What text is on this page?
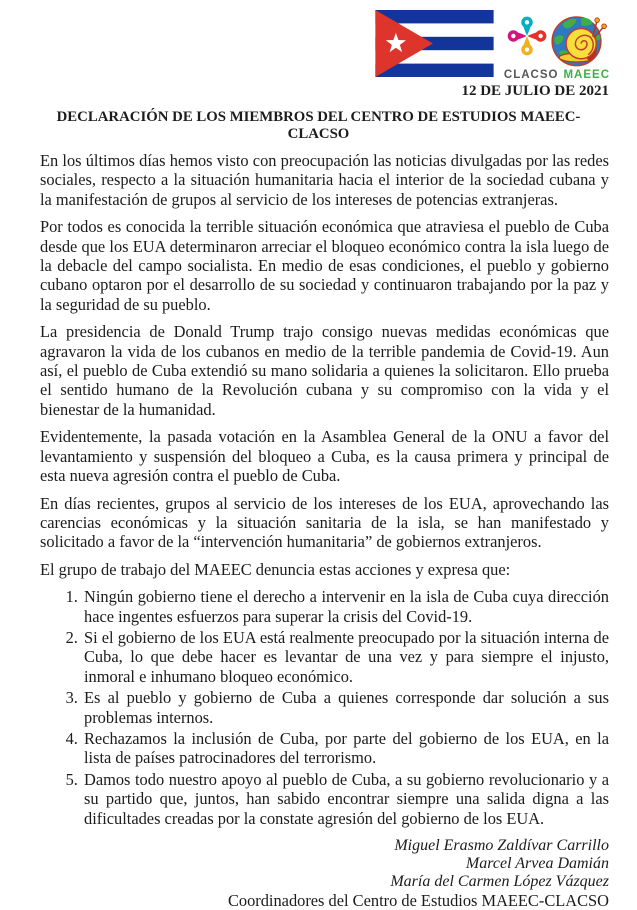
CLACSO MAEEC
12 DE JULIO DE 2021
DECLARACIÓN DE LOS MIEMBROS DEL CENTRO DE ESTUDIOS MAEEC-CLACSO

En los últimos días hemos visto con preocupación las noticias divulgadas por las redes sociales, respecto a la situación humanitaria hacia el interior de la sociedad cubana y la manifestación de grupos al servicio de los intereses de potencias extranjeras.

Por todos es conocida la terrible situación económica que atraviesa el pueblo de Cuba desde que los EUA determinaron arreciar el bloqueo económico contra la isla luego de la debacle del campo socialista. En medio de esas condiciones, el pueblo y gobierno cubano optaron por el desarrollo de su sociedad y continuaron trabajando por la paz y la seguridad de su pueblo.

La presidencia de Donald Trump trajo consigo nuevas medidas económicas que agravaron la vida de los cubanos en medio de la terrible pandemia de Covid-19. Aun así, el pueblo de Cuba extendió su mano solidaria a quienes la solicitaron. Ello prueba el sentido humano de la Revolución cubana y su compromiso con la vida y el bienestar de la humanidad.

Evidentemente, la pasada votación en la Asamblea General de la ONU a favor del levantamiento y suspensión del bloqueo a Cuba, es la causa primera y principal de esta nueva agresión contra el pueblo de Cuba.

En días recientes, grupos al servicio de los intereses de los EUA, aprovechando las carencias económicas y la situación sanitaria de la isla, se han manifestado y solicitado a favor de la “intervención humanitaria” de gobiernos extranjeros.

El grupo de trabajo del MAEEC denuncia estas acciones y expresa que:

1. Ningún gobierno tiene el derecho a intervenir en la isla de Cuba cuya dirección hace ingentes esfuerzos para superar la crisis del Covid-19.
2. Si el gobierno de los EUA está realmente preocupado por la situación interna de Cuba, lo que debe hacer es levantar de una vez y para siempre el injusto, inmoral e inhumano bloqueo económico.
3. Es al pueblo y gobierno de Cuba a quienes corresponde dar solución a sus problemas internos.
4. Rechazamos la inclusión de Cuba, por parte del gobierno de los EUA, en la lista de países patrocinadores del terrorismo.
5. Damos todo nuestro apoyo al pueblo de Cuba, a su gobierno revolucionario y a su partido que, juntos, han sabido encontrar siempre una salida digna a las dificultades creadas por la constate agresión del gobierno de los EUA.
Miguel Erasmo Zaldívar Carrillo
Marcel Arvea Damián
María del Carmen López Vázquez
Coordinadores del Centro de Estudios MAEEC-CLACSO
